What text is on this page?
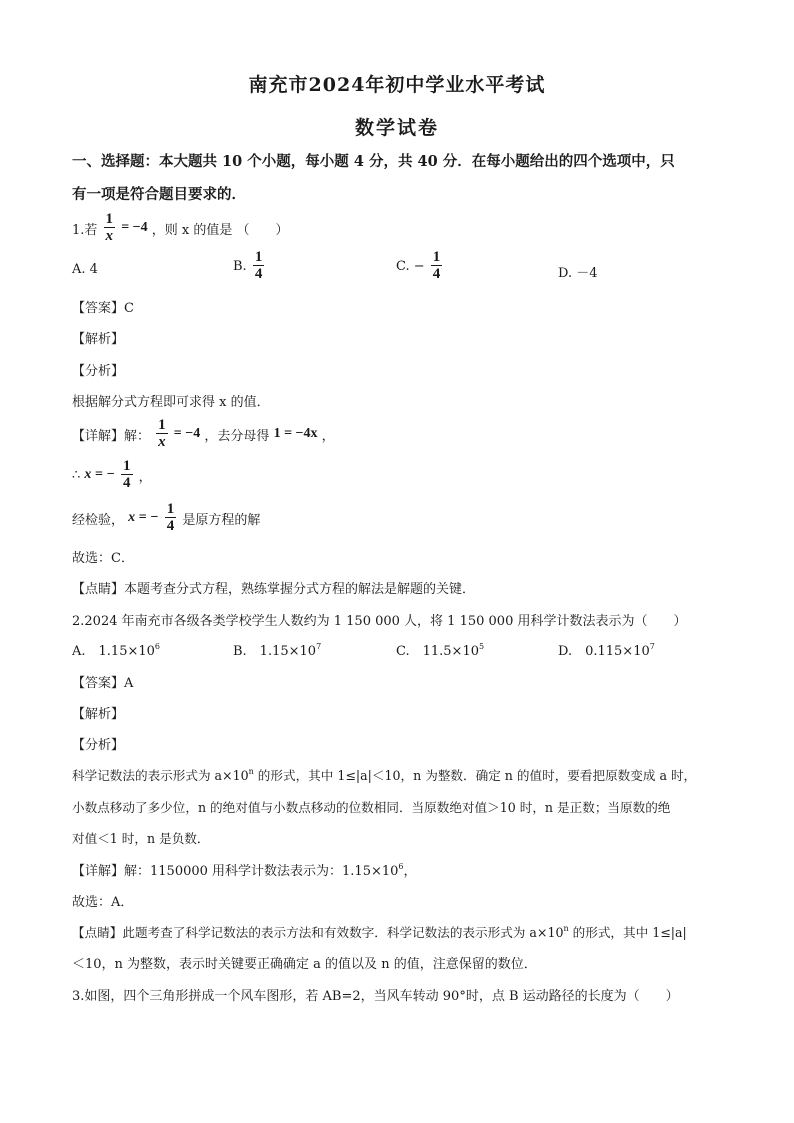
南充市2024年初中学业水平考试
数学试卷
一、选择题：本大题共 10 个小题，每小题 4 分，共 40 分．在每小题给出的四个选项中，只
有一项是符合题目要求的．
1.若 $\frac{1}{x} = -4$ ，则 x 的值是 （　　）
A. 4	B. $\frac{1}{4}$	C. − $\frac{1}{4}$	D. －4
【答案】C
【解析】
【分析】
根据解分式方程即可求得 x 的值．
【详解】解： $\frac{1}{x} = -4$ ，去分母得 1 = −4x ，
∴ x = − $\frac{1}{4}$ ，
经检验， x = − $\frac{1}{4}$ 是原方程的解
故选：C．
【点睛】本题考查分式方程，熟练掌握分式方程的解法是解题的关键．
2.2024 年南充市各级各类学校学生人数约为 1 150 000 人，将 1 150 000 用科学计数法表示为（　　）
A.　$1.15\times 10^6$	B.　$1.15\times 10^7$	C.　$11.5\times 10^5$	D.　$0.115\times 10^7$
【答案】A
【解析】
【分析】
科学记数法的表示形式为 $a\times 10^n$ 的形式，其中 1≤|a|＜10，n 为整数．确定 n 的值时，要看把原数变成 a 时，
小数点移动了多少位，n 的绝对值与小数点移动的位数相同．当原数绝对值＞10 时，n 是正数；当原数的绝
对值＜1 时，n 是负数．
【详解】解：1150000 用科学计数法表示为：$1.15\times 10^6$，
故选：A．
【点睛】此题考查了科学记数法的表示方法和有效数字．科学记数法的表示形式为 $a\times 10^n$ 的形式，其中 1≤|a|
＜10，n 为整数，表示时关键要正确确定 a 的值以及 n 的值，注意保留的数位．
3.如图，四个三角形拼成一个风车图形，若 AB=2，当风车转动 90°时，点 B 运动路径的长度为（　　）
